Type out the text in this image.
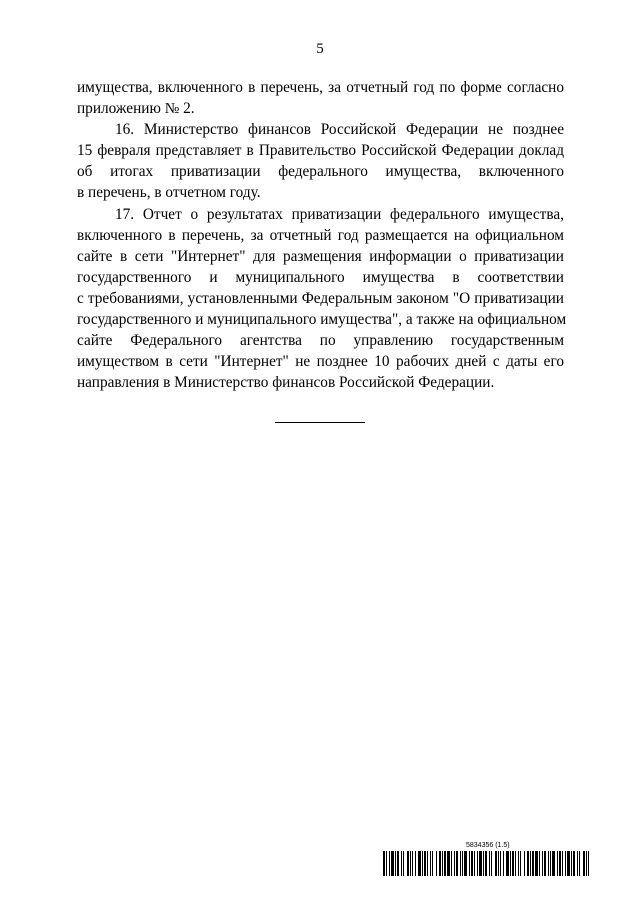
5
имущества, включенного в перечень, за отчетный год по форме согласно
приложению № 2.
16. Министерство финансов Российской Федерации не позднее
15 февраля представляет в Правительство Российской Федерации доклад
об итогах приватизации федерального имущества, включенного
в перечень, в отчетном году.
17. Отчет о результатах приватизации федерального имущества,
включенного в перечень, за отчетный год размещается на официальном
сайте в сети "Интернет" для размещения информации о приватизации
государственного и муниципального имущества в соответствии
с требованиями, установленными Федеральным законом "О приватизации
государственного и муниципального имущества", а также на официальном
сайте Федерального агентства по управлению государственным
имуществом в сети "Интернет" не позднее 10 рабочих дней с даты его
направления в Министерство финансов Российской Федерации.
5834356 (1.5)
